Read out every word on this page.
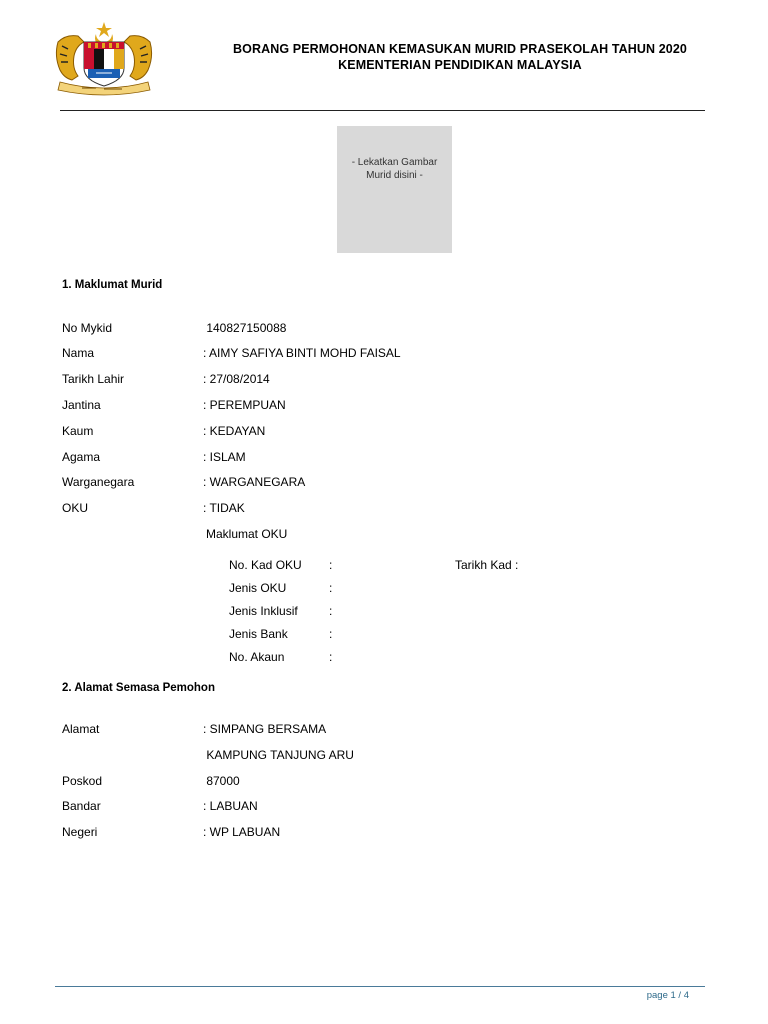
BORANG PERMOHONAN KEMASUKAN MURID PRASEKOLAH TAHUN 2020
KEMENTERIAN PENDIDIKAN MALAYSIA
- Lekatkan Gambar
Murid disini -
1. Maklumat Murid
No Mykid	140827150088
Nama	: AIMY SAFIYA BINTI MOHD FAISAL
Tarikh Lahir	: 27/08/2014
Jantina	: PEREMPUAN
Kaum	: KEDAYAN
Agama	: ISLAM
Warganegara	: WARGANEGARA
OKU	: TIDAK
Maklumat OKU
No. Kad OKU :	Tarikh Kad :
Jenis OKU	:
Jenis Inklusif	:
Jenis Bank	:
No. Akaun	:
2. Alamat Semasa Pemohon
Alamat	: SIMPANG BERSAMA
KAMPUNG TANJUNG ARU
Poskod	87000
Bandar	: LABUAN
Negeri	: WP LABUAN
page 1 / 4
